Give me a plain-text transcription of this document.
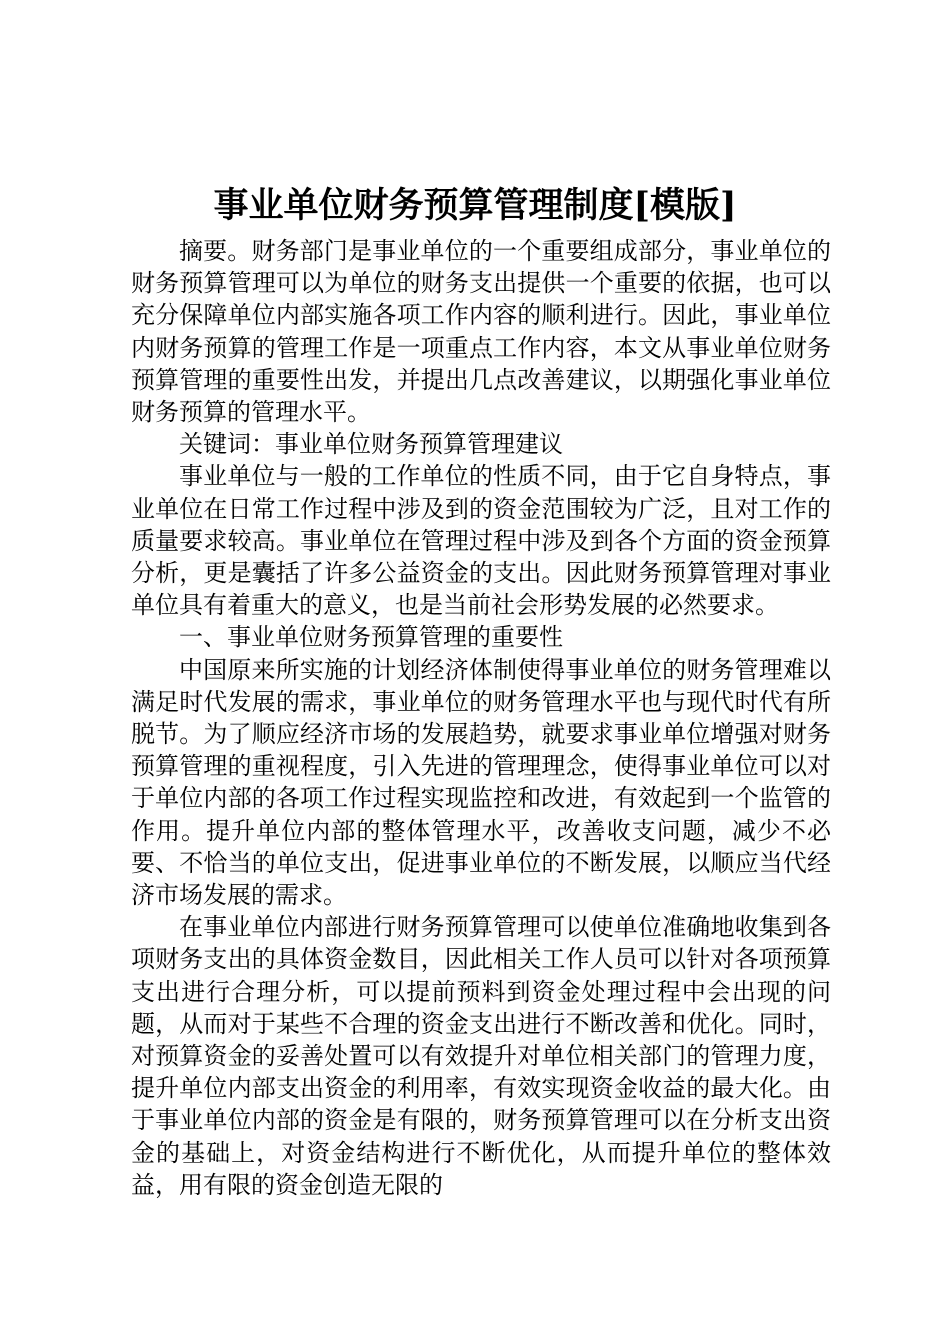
事业单位财务预算管理制度[模版]

摘要。财务部门是事业单位的一个重要组成部分，事业单位的财务预算管理可以为单位的财务支出提供一个重要的依据，也可以充分保障单位内部实施各项工作内容的顺利进行。因此，事业单位内财务预算的管理工作是一项重点工作内容，本文从事业单位财务预算管理的重要性出发，并提出几点改善建议，以期强化事业单位财务预算的管理水平。

关键词：事业单位财务预算管理建议

事业单位与一般的工作单位的性质不同，由于它自身特点，事业单位在日常工作过程中涉及到的资金范围较为广泛，且对工作的质量要求较高。事业单位在管理过程中涉及到各个方面的资金预算分析，更是囊括了许多公益资金的支出。因此财务预算管理对事业单位具有着重大的意义，也是当前社会形势发展的必然要求。

一、事业单位财务预算管理的重要性

中国原来所实施的计划经济体制使得事业单位的财务管理难以满足时代发展的需求，事业单位的财务管理水平也与现代时代有所脱节。为了顺应经济市场的发展趋势，就要求事业单位增强对财务预算管理的重视程度，引入先进的管理理念，使得事业单位可以对于单位内部的各项工作过程实现监控和改进，有效起到一个监管的作用。提升单位内部的整体管理水平，改善收支问题，减少不必要、不恰当的单位支出，促进事业单位的不断发展，以顺应当代经济市场发展的需求。

在事业单位内部进行财务预算管理可以使单位准确地收集到各项财务支出的具体资金数目，因此相关工作人员可以针对各项预算支出进行合理分析，可以提前预料到资金处理过程中会出现的问题，从而对于某些不合理的资金支出进行不断改善和优化。同时，对预算资金的妥善处置可以有效提升对单位相关部门的管理力度，提升单位内部支出资金的利用率，有效实现资金收益的最大化。由于事业单位内部的资金是有限的，财务预算管理可以在分析支出资金的基础上，对资金结构进行不断优化，从而提升单位的整体效益，用有限的资金创造无限的
